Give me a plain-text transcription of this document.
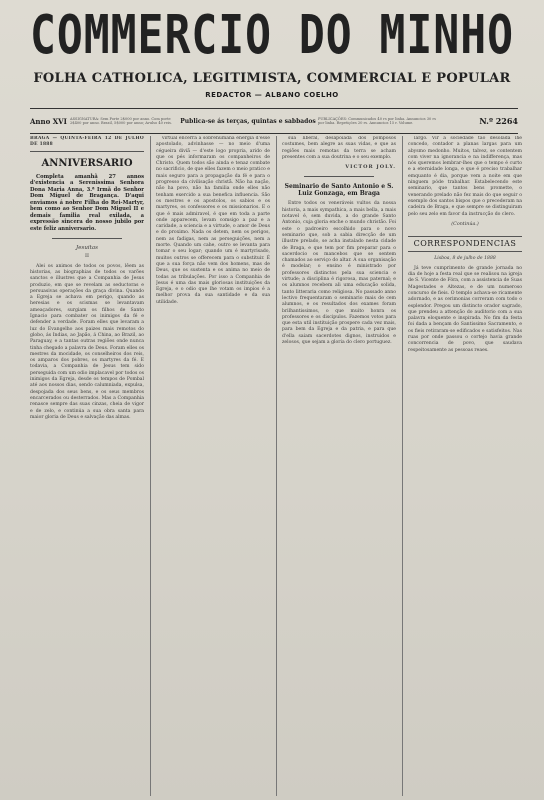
COMMERCIO DO MINHO
FOLHA CATHOLICA, LEGITIMISTA, COMMERCIAL E POPULAR
REDACTOR — ALBANO COELHO
Anno XVI ASSIGNATURA: Sem Porte 2$000 por anno. Com porte 2$400 por anno. Brazil, 5$000 por anno; Avulso 40 reis.	Publica-se ás terças, quintas e sabbados PUBLICAÇÕES: Communicados 40 rs por linha. Annuncios 30 rs por linha. Repetições 20 rs. Annuncios 15 r. Volume.	N.º 2264
BRAGA — QUINTA-FEIRA 12 DE JULHO DE 1888
ANNIVERSARIO
Completa amanhã 27 annos d'existencia a Serenissima Senhora Dona Maria Anna, 3.ª Irmã do Senhor Dom Miguel de Bragança. D'aqui enviamos á nobre Filha do Rei-Martyr, bem como ao Senhor Dom Miguel II e demais familia real exilada, a expressão sincera do nosso jubilo por este feliz anniversario.
Jesuitas
II

Alei os animos de todos os povos, lêem as historias, as biographias de todos os varões sanctos e illustres que a Companhia de Jesus produzio, em que se revelam as seductoras e persuasivas operações da graça divina. Quando a Egreja se achava em perigo, quando as heresias e os scismas se levantavam ameaçadores, surgiam os filhos de Santo Ignacio para combater os inimigos da fé e defender a verdade. Foram elles que levaram a luz do Evangelho aos paizes mais remotos do globo, ás Indias, ao Japão, á China, ao Brazil, ao Paraguay, e a tantas outras regiões onde nunca tinha chegado a palavra de Deus. Foram elles os mestres da mocidade, os conselheiros dos reis, os amparos dos pobres, os martyres da fé. E todavia, a Companhia de Jesus tem sido perseguida com um odio implacavel por todos os inimigos da Egreja, desde os tempos de Pombal até aos nossos dias, sendo calumniada, expulsa, despojada dos seus bens, e os seus membros encarcerados ou desterrados. Mas a Companhia renasce sempre das suas cinzas, cheia de vigor e de zelo, e continúa a sua obra santa para maior gloria de Deus e salvação das almas.

virtual encerra a sobrehumana energia d'esse apostolado, advinhasse — no meio d'uma cégueira diviã — d'este logo propria, arido de que os pés informaram os companheiros de Christo. Quem todos são ainda e tenaz combate no sacrificio, de que elles fazem o meio pratico e mais seguro para a propagação da fé e para o progresso da civilisação christã. Não ha nação, não ha povo, não ha familia onde elles não tenham exercido a sua benefica influencia. São os mestres e os apostolos, os sabios e os martyres, os confessores e os missionarios. E o que é mais admiravel, é que em toda a parte onde apparecem, levam comsigo a paz e a caridade, a sciencia e a virtude, o amor de Deus e do proximo. Nada os detem, nem os perigos, nem as fadigas, nem as perseguições, nem a morte. Quando um cahe, outro se levanta para tomar o seu logar; quando um é martyrisado, muitos outros se offerecem para o substituir. É que a sua força não vem dos homens, mas de Deus, que os sustenta e os anima no meio de todas as tribulações. Por isso a Companhia de Jesus é uma das mais gloriosas instituições da Egreja, e o odio que lhe votam os impios é a melhor prova da sua santidade e da sua utilidade.

sua liberal, desapoiada dos pomposos costumes, bem alegre as suas vidas, e que as regiões mais remotas da terra se acham presentes com a sua doutrina e o seu exemplo.

VICTOR JOLY.
Seminario de Santo Antonio e S. Luiz Gonzaga, em Braga

Entre todos os veneráveis vultos da nossa historia, a mais sympathica, a mais bella, a mais notavel é, sem duvida, a do grande Santo Antonio, cuja gloria enche o mundo christão. Foi este o padroeiro escolhido para o novo seminario que, sob a sabia direcção de um illustre prelado, se acha instalado nesta cidade de Braga, e que tem por fim preparar para o sacerdocio os mancebos que se sentem chamados ao serviço do altar. A sua organisação é modelar; o ensino é ministrado por professores distinctos pela sua sciencia e virtude; a disciplina é rigorosa, mas paternal; e os alumnos recebem ali uma educação solida, tanto litteraria como religiosa. No passado anno lectivo frequentaram o seminario mais de cem alumnos, e os resultados dos exames foram brilhantissimos, o que muito honra os professores e os discipulos. Fazemos votos para que esta util instituição prospere cada vez mais, para bem da Egreja e da patria, e para que d'ella saiam sacerdotes dignos, instruidos e zelosos, que sejam a gloria do clero portuguez.

largo. Vir á sociedade tão desolada lhe concedo, contador a planas largas para um abysmo medonho. Muitos, talvez, se contentem com viver na ignorancia e na indifferença, mas nós queremos lembrar-lhes que o tempo é curto e a eternidade longa, e que é preciso trabalhar emquanto é dia, porque vem a noite em que ninguem póde trabalhar. Estabelecendo este seminario, que tantos bens promette, o venerando prelado não fez mais do que seguir o exemplo dos santos bispos que o precederam na cadeira de Braga, e que sempre se distinguiram pelo seu zelo em favor da instrucção do clero.

(Continúa.)
CORRESPONDENCIAS
Lisboa, 8 de julho de 1888

Já teve cumprimento de grande jornada no dia de hoje a festa real que se realisou na igreja de S. Vicente de Fóra, com a assistencia de Suas Magestades e Altezas, e de um numeroso concurso de fieis. O templo achava-se ricamente adornado, e as cerimonias correram com todo o esplendor. Pregou um distincto orador sagrado, que prendeu a attenção do auditorio com a sua palavra eloquente e inspirada. No fim da festa foi dada a bençam do Santissimo Sacramento, e os fieis retiraram-se edificados e satisfeitos. Nas ruas por onde passou o cortejo havia grande concorrencia de povo, que saudava respeitosamente as pessoas reaes.
